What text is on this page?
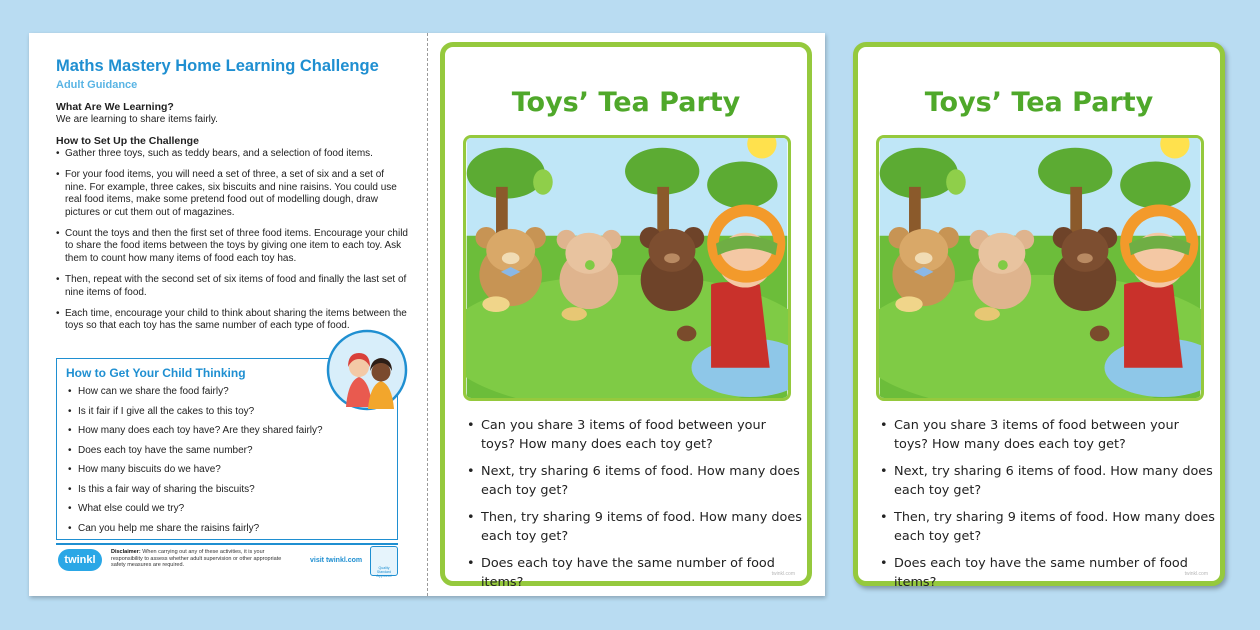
Maths Mastery Home Learning Challenge
Adult Guidance
What Are We Learning?
We are learning to share items fairly.
How to Set Up the Challenge
• Gather three toys, such as teddy bears, and a selection of food items.
• For your food items, you will need a set of three, a set of six and a set of nine. For example, three cakes, six biscuits and nine raisins. You could use real food items, make some pretend food out of modelling dough, draw pictures or cut them out of magazines.
• Count the toys and then the first set of three food items. Encourage your child to share the food items between the toys by giving one item to each toy. Ask them to count how many items of food each toy has.
• Then, repeat with the second set of six items of food and finally the last set of nine items of food.
• Each time, encourage your child to think about sharing the items between the toys so that each toy has the same number of each type of food.
How to Get Your Child Thinking
• How can we share the food fairly?
• Is it fair if I give all the cakes to this toy?
• How many does each toy have? Are they shared fairly?
• Does each toy have the same number?
• How many biscuits do we have?
• Is this a fair way of sharing the biscuits?
• What else could we try?
• Can you help me share the raisins fairly?
twinkl
Disclaimer: When carrying out any of these activities, it is your responsibility to assess whether adult supervision or other appropriate safety measures are required.
visit twinkl.com
Quality Standard Approved
Toys’ Tea Party
• Can you share 3 items of food between your toys? How many does each toy get?
• Next, try sharing 6 items of food. How many does each toy get?
• Then, try sharing 9 items of food. How many does each toy get?
• Does each toy have the same number of food items?
twinkl.com
Toys’ Tea Party
• Can you share 3 items of food between your toys? How many does each toy get?
• Next, try sharing 6 items of food. How many does each toy get?
• Then, try sharing 9 items of food. How many does each toy get?
• Does each toy have the same number of food items?
twinkl.com
